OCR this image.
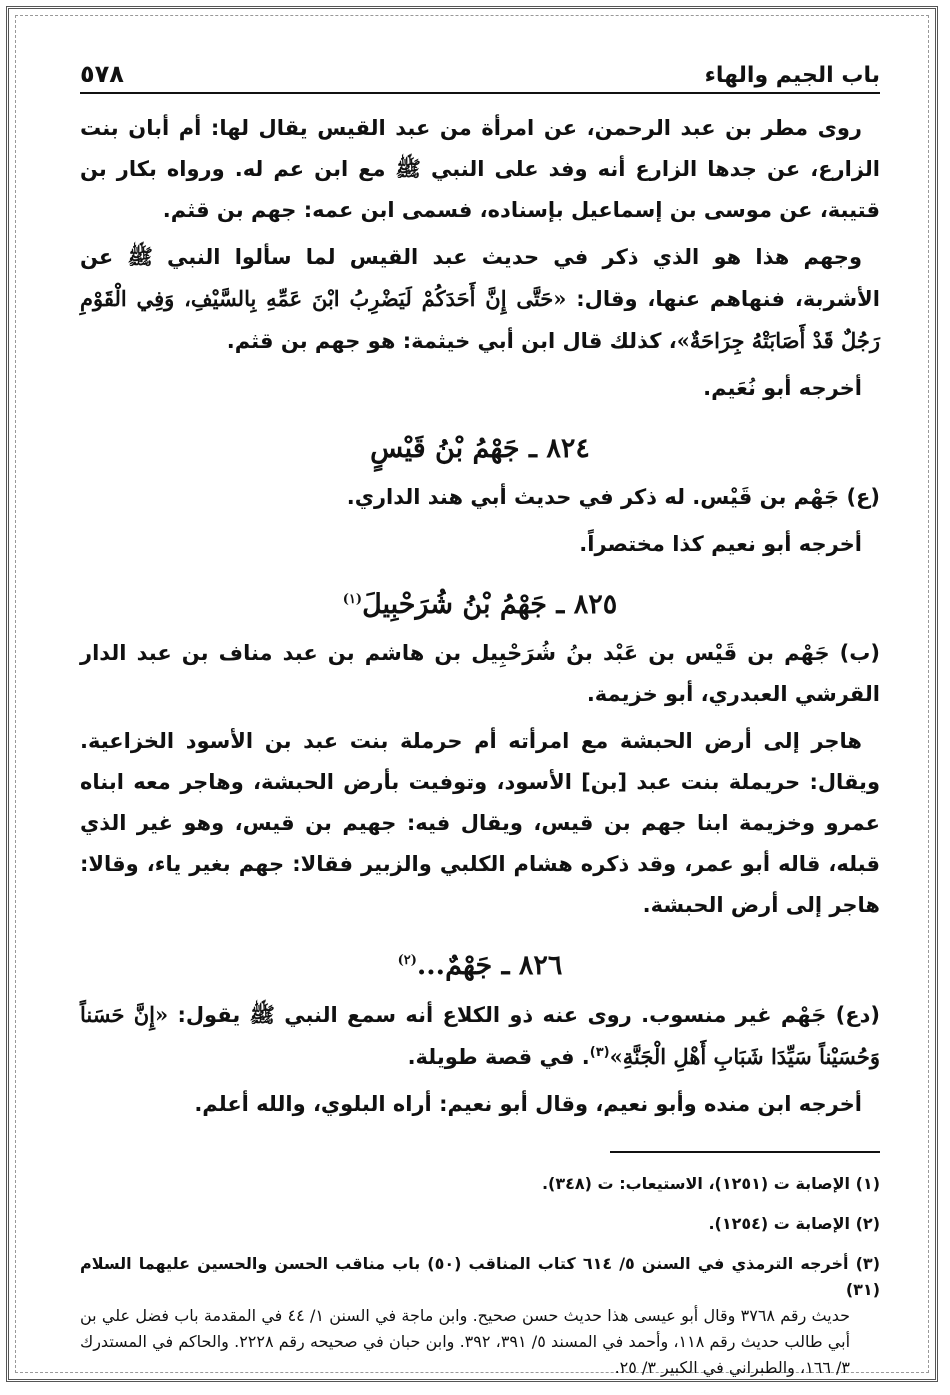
باب الجيم والهاء
٥٧٨

روى مطر بن عبد الرحمن، عن امرأة من عبد القيس يقال لها: أم أبان بنت الزارع، عن جدها الزارع أنه وفد على النبي ﷺ مع ابن عم له. ورواه بكار بن قتيبة، عن موسى بن إسماعيل بإسناده، فسمى ابن عمه: جهم بن قثم.

وجهم هذا هو الذي ذكر في حديث عبد القيس لما سألوا النبي ﷺ عن الأشربة، فنهاهم عنها، وقال: «حَتَّى إِنَّ أَحَدَكُمْ لَيَضْرِبُ ابْنَ عَمِّهِ بِالسَّيْفِ، وَفِي الْقَوْمِ رَجُلٌ قَدْ أَصَابَتْهُ جِرَاحَةٌ»، كذلك قال ابن أبي خيثمة: هو جهم بن قثم.

أخرجه أبو نُعَيم.

٨٢٤ ـ جَهْمُ بْنُ قَيْسٍ

(ع) جَهْم بن قَيْس. له ذكر في حديث أبي هند الداري.

أخرجه أبو نعيم كذا مختصراً.

٨٢٥ ـ جَهْمُ بْنُ شُرَحْبِيلَ$^{(١)}$

(ب) جَهْم بن قَيْس بن عَبْد بنُ شُرَحْبِيل بن هاشم بن عبد مناف بن عبد الدار القرشي العبدري، أبو خزيمة.

هاجر إلى أرض الحبشة مع امرأته أم حرملة بنت عبد بن الأسود الخزاعية. ويقال: حريملة بنت عبد [بن] الأسود، وتوفيت بأرض الحبشة، وهاجر معه ابناه عمرو وخزيمة ابنا جهم بن قيس، ويقال فيه: جهيم بن قيس، وهو غير الذي قبله، قاله أبو عمر، وقد ذكره هشام الكلبي والزبير فقالا: جهم بغير ياء، وقالا: هاجر إلى أرض الحبشة.

٨٢٦ ـ جَهْمٌ...$^{(٢)}$

(دع) جَهْم غير منسوب. روى عنه ذو الكلاع أنه سمع النبي ﷺ يقول: «إِنَّ حَسَناً وَحُسَيْناً سَيِّدَا شَبَابِ أَهْلِ الْجَنَّةِ»$^{(٣)}$. في قصة طويلة.

أخرجه ابن منده وأبو نعيم، وقال أبو نعيم: أراه البلوي، والله أعلم.

(١) الإصابة ت (١٢٥١)، الاستيعاب: ت (٣٤٨).

(٢) الإصابة ت (١٢٥٤).

(٣) أخرجه الترمذي في السنن ٥/ ٦١٤ كتاب المناقب (٥٠) باب مناقب الحسن والحسين عليهما السلام (٣١)

حديث رقم ٣٧٦٨ وقال أبو عيسى هذا حديث حسن صحيح. وابن ماجة في السنن ١/ ٤٤ في المقدمة باب فضل علي بن أبي طالب حديث رقم ١١٨، وأحمد في المسند ٥/ ٣٩١، ٣٩٢. وابن حبان في صحيحه رقم ٢٢٢٨. والحاكم في المستدرك ٣/ ١٦٦، والطبراني في الكبير ٣/ ٢٥.
